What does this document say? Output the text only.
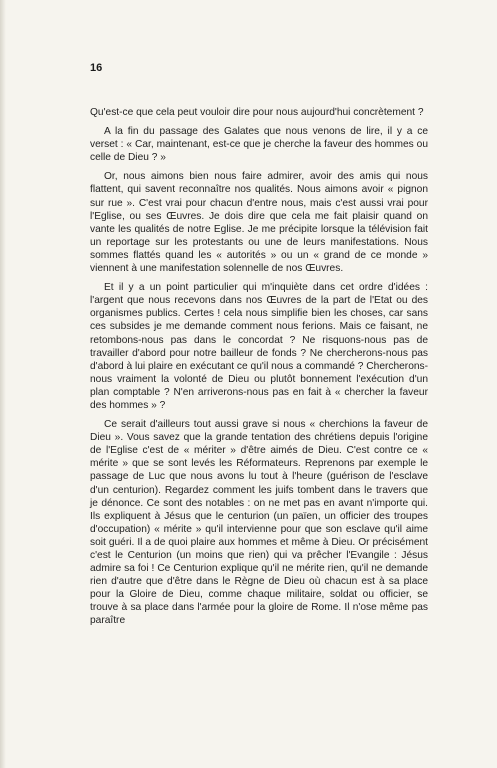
16

Qu'est-ce que cela peut vouloir dire pour nous aujourd'hui concrètement ?

A la fin du passage des Galates que nous venons de lire, il y a ce verset : « Car, maintenant, est-ce que je cherche la faveur des hommes ou celle de Dieu ? »

Or, nous aimons bien nous faire admirer, avoir des amis qui nous flattent, qui savent reconnaître nos qualités. Nous aimons avoir « pignon sur rue ». C'est vrai pour chacun d'entre nous, mais c'est aussi vrai pour l'Eglise, ou ses Œuvres. Je dois dire que cela me fait plaisir quand on vante les qualités de notre Eglise. Je me précipite lorsque la télévision fait un reportage sur les protestants ou une de leurs manifestations. Nous sommes flattés quand les « autorités » ou un « grand de ce monde » viennent à une manifestation solennelle de nos Œuvres.

Et il y a un point particulier qui m'inquiète dans cet ordre d'idées : l'argent que nous recevons dans nos Œuvres de la part de l'Etat ou des organismes publics. Certes ! cela nous simplifie bien les choses, car sans ces subsides je me demande comment nous ferions. Mais ce faisant, ne retombons-nous pas dans le concordat ? Ne risquons-nous pas de travailler d'abord pour notre bailleur de fonds ? Ne chercherons-nous pas d'abord à lui plaire en exécutant ce qu'il nous a commandé ? Chercherons-nous vraiment la volonté de Dieu ou plutôt bonnement l'exécution d'un plan comptable ? N'en arriverons-nous pas en fait à « chercher la faveur des hommes » ?

Ce serait d'ailleurs tout aussi grave si nous « cherchions la faveur de Dieu ». Vous savez que la grande tentation des chrétiens depuis l'origine de l'Eglise c'est de « mériter » d'être aimés de Dieu. C'est contre ce « mérite » que se sont levés les Réformateurs. Reprenons par exemple le passage de Luc que nous avons lu tout à l'heure (guérison de l'esclave d'un centurion). Regardez comment les juifs tombent dans le travers que je dénonce. Ce sont des notables : on ne met pas en avant n'importe qui. Ils expliquent à Jésus que le centurion (un païen, un officier des troupes d'occupation) « mérite » qu'il intervienne pour que son esclave qu'il aime soit guéri. Il a de quoi plaire aux hommes et même à Dieu. Or précisément c'est le Centurion (un moins que rien) qui va prêcher l'Evangile : Jésus admire sa foi ! Ce Centurion explique qu'il ne mérite rien, qu'il ne demande rien d'autre que d'être dans le Règne de Dieu où chacun est à sa place pour la Gloire de Dieu, comme chaque militaire, soldat ou officier, se trouve à sa place dans l'armée pour la gloire de Rome. Il n'ose même pas paraître
